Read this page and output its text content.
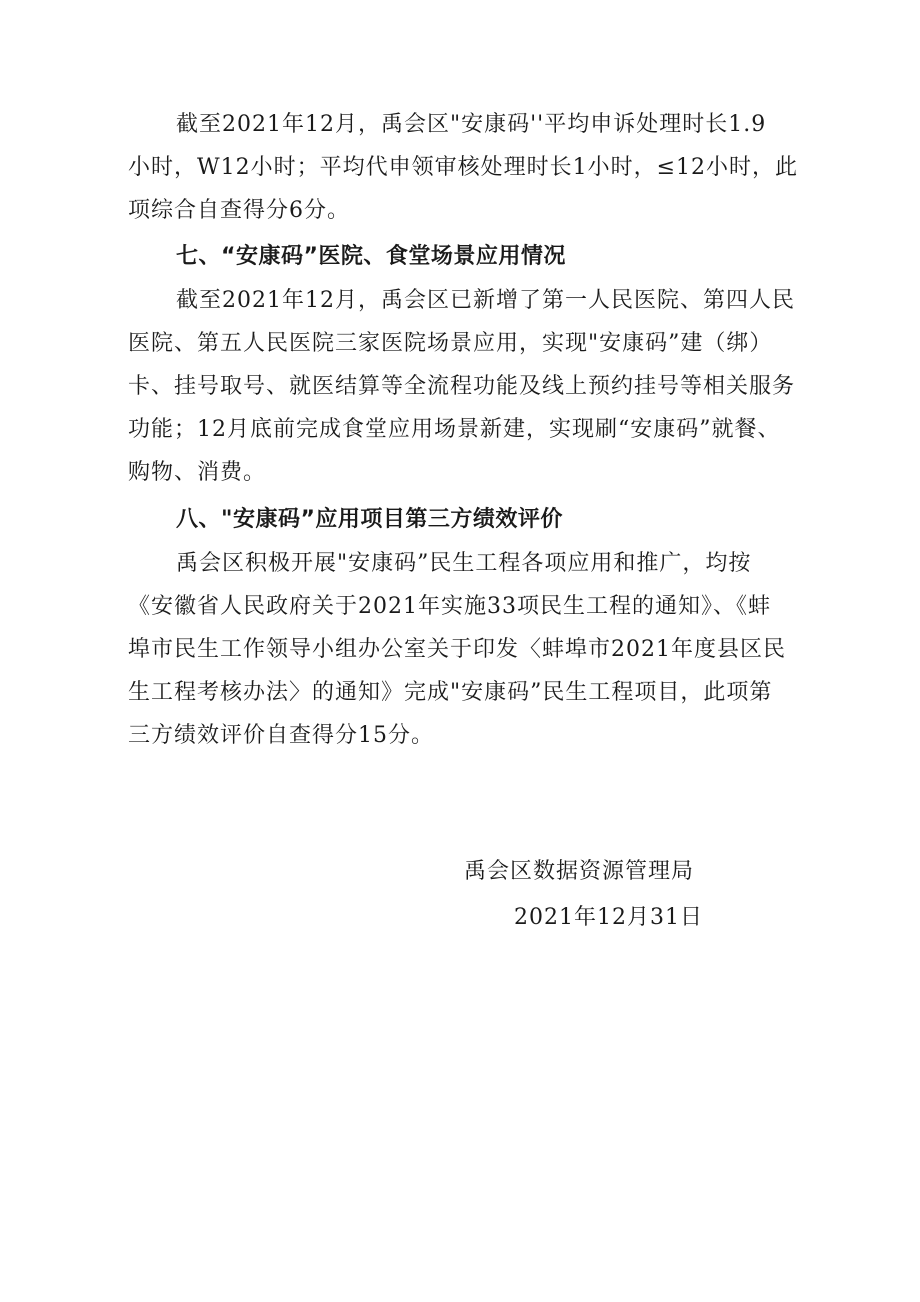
截至2021年12月，禹会区"安康码''平均申诉处理时长1.9
小时，W12小时；平均代申领审核处理时长1小时，≤12小时，此
项综合自查得分6分。
七、“安康码”医院、食堂场景应用情况
截至2021年12月，禹会区已新增了第一人民医院、第四人民
医院、第五人民医院三家医院场景应用，实现"安康码”建（绑）
卡、挂号取号、就医结算等全流程功能及线上预约挂号等相关服务
功能；12月底前完成食堂应用场景新建，实现刷“安康码”就餐、
购物、消费。
八、"安康码”应用项目第三方绩效评价
禹会区积极开展"安康码”民生工程各项应用和推广，均按
《安徽省人民政府关于2021年实施33项民生工程的通知》、《蚌
埠市民生工作领导小组办公室关于印发〈蚌埠市2021年度县区民
生工程考核办法〉的通知》完成"安康码”民生工程项目，此项第
三方绩效评价自查得分15分。
禹会区数据资源管理局
2021年12月31日
